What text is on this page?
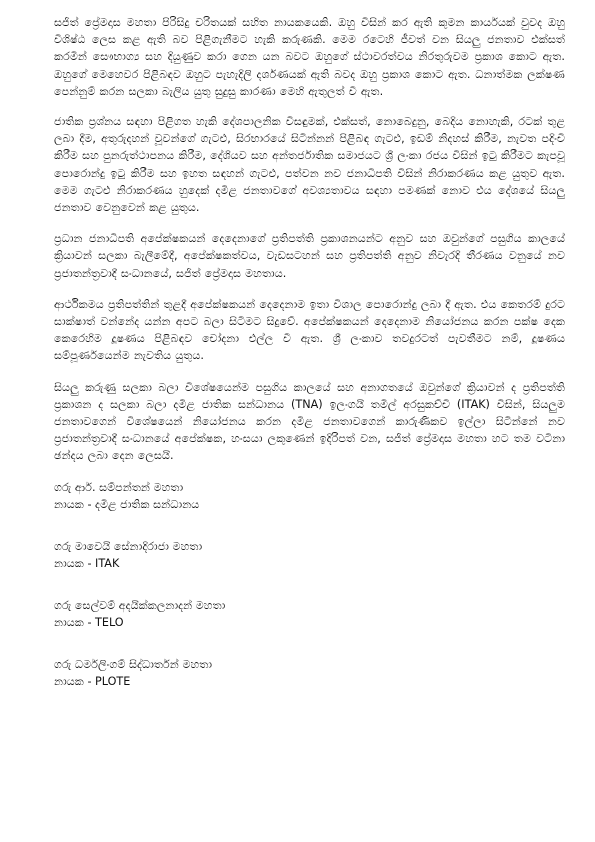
සජිත් ප්‍රේමදාස මහතා පිරිසිදු චරිතයක් සහිත නායකයෙකි. ඔහු විසින් කර ඇති කුමන කාර්යයක් වුවද ඔහු විශිෂ්ඨ ලෙස කළ ඇති බව පිළිගැනීමට හැකි කරුණකි. මෙම රටෙහි ජීවත් වන සියලු ජනතාව එක්සත් කරමින් සෞභාග්‍ය සහ දියුණුව කරා ගෙන යන බවට ඔහුගේ ස්ථාවරත්වය නිරතුරුවම ප්‍රකාශ කොට ඇත. ඔහුගේ මෙහෙවර පිළිබඳව ඔහුට පැහැදිලි දර්ශණයක් ඇති බවද ඔහු ප්‍රකාශ කොට ඇත. ධනාත්මක ලක්ෂණ පෙන්නුම් කරන සලකා බැලිය යුතු සුදුසු කාරණා මෙහි ඇතුලත් වී ඇත.

ජාතික ප්‍රශ්නය සඳහා පිළිගත හැකි දේශපාලනික විසඳුමක්, එක්සත්, නොබෙදුනු, බෙදිය නොහැකි, රටක් තුළ ලබා දීම, අතුරුදහන් වූවන්ගේ ගැටළු, සිරභාරයේ සිටින්නන් පිළිබඳ ගැටළු, ඉඩම් නිදහස් කිරීම, නැවත පදිංචි කිරීම සහ පුනරුත්ථාපනය කිරීම, දේශියව සහ අන්තර්ජාතික සමාජයට ශ්‍රී ලංකා රජය විසින් ඉටු කිරීමට කැපවූ පොරොන්දු ඉටු කිරීම සහ ඉහත සඳහන් ගැටළු, පත්වන නව ජනාධිපති විසින් නිරාකරණය කළ යුතුව ඇත. මෙම ගැටළු නිරාකරණය හුදෙක් දමිළ ජනතාවගේ අවශ්‍යතාවය සඳහා පමණක් නොව එය දේශයේ සියලු ජනතාව වෙනුවෙන් කළ යුතුය.

ප්‍රධාන ජනාධිපති අපේක්ෂකයන් දෙදෙනාගේ ප්‍රතිපත්ති ප්‍රකාශනයන්ට අනුව සහ ඔවුන්ගේ පසුගිය කාලයේ ක්‍රියාවන් සලකා බැලීමේදී, අපේක්ෂකත්වය, වැඩසටහන් සහ ප්‍රතිපත්ති අනුව නිවැරදි තීරණය වනුයේ නව ප්‍රජාතන්ත්‍රවාදී සංධානයේ, සජිත් ප්‍රේමදාස මහතාය.

ආර්ථිකමය ප්‍රතිපත්තින් තුළදී අපේක්ෂකයන් දෙදෙනාම ඉතා විශාල පොරොන්දු ලබා දී ඇත. එය කෙතරම් දුරට සාක්ෂාත් වන්නේද යන්න අපට බලා සිටීමට සිදුවේ. අපේක්ෂකයන් දෙදෙනාම නියෝජනය කරන පක්ෂ දෙක කෙරෙහිම දූෂණය පිළිබඳව චෝදනා එල්ල වී ඇත. ශ්‍රී ලංකාව තවදුරටත් පැවතීමට නම්, දූෂණය සම්පූර්ණයෙන්ම නැවතිය යුතුය.

සියලු කරුණු සලකා බලා විශේෂයෙන්ම පසුගිය කාලයේ සහ අනාගතයේ ඔවුන්ගේ ක්‍රියාවන් ද ප්‍රතිපත්ති ප්‍රකාශන ද සලකා බලා දමිළ ජාතික සන්ධානය (TNA) ඉලංගයි තමිල් අරසුකච්චි (ITAK) විසින්, සියලුම ජනතාවගෙන් විශේෂයෙන් නියෝජනය කරන දමිළ ජනතාවගෙන් කාරුණිකව ඉල්ලා සිටින්නේ නව ප්‍රජාතන්ත්‍රවාදී සංධානයේ අපේක්ෂක, හංසයා ලකුණෙන් ඉදිරිපත් වන, සජිත් ප්‍රේමදාස මහතා හට තම වටිනා ඡන්දය ලබා දෙන ලෙසයි.

ගරු ආර්. සම්පන්තන් මහතා
නායක - දමිළ ජාතික සන්ධානය
ගරු මාවෙයි සේනාදිරාජා මහතා
නායක - ITAK
ගරු සෙල්වම් අදයික්කලනාදන් මහතා
නායක - TELO
ගරු ධර්මලිංගම් සිද්ධාර්තන් මහතා
නායක - PLOTE
